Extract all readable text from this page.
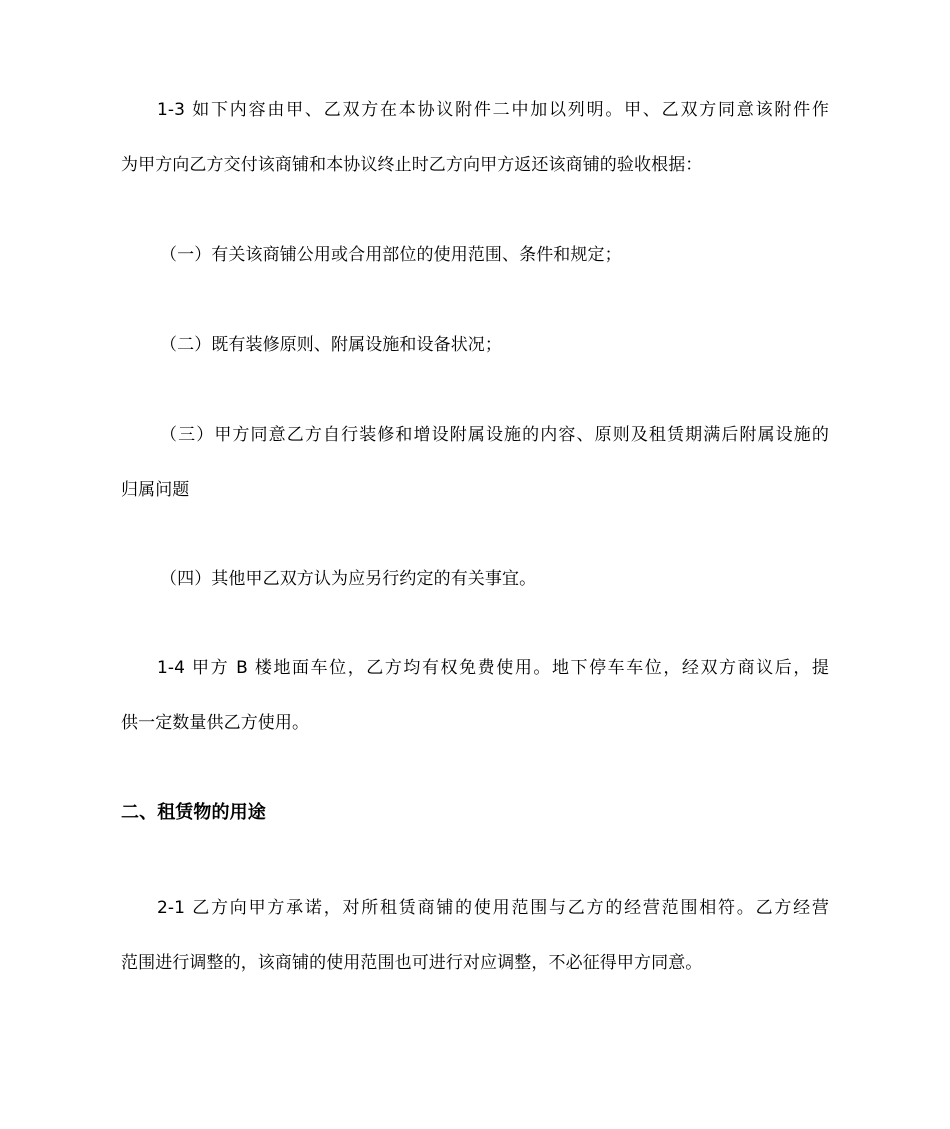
1-3 如下内容由甲、乙双方在本协议附件二中加以列明。甲、乙双方同意该附件作
为甲方向乙方交付该商铺和本协议终止时乙方向甲方返还该商铺的验收根据：
（一）有关该商铺公用或合用部位的使用范围、条件和规定；
（二）既有装修原则、附属设施和设备状况；
（三）甲方同意乙方自行装修和增设附属设施的内容、原则及租赁期满后附属设施的
归属问题
（四）其他甲乙双方认为应另行约定的有关事宜。
1-4 甲方 B 楼地面车位，乙方均有权免费使用。地下停车车位，经双方商议后，提
供一定数量供乙方使用。
二、租赁物的用途
2-1 乙方向甲方承诺，对所租赁商铺的使用范围与乙方的经营范围相符。乙方经营
范围进行调整的，该商铺的使用范围也可进行对应调整，不必征得甲方同意。
